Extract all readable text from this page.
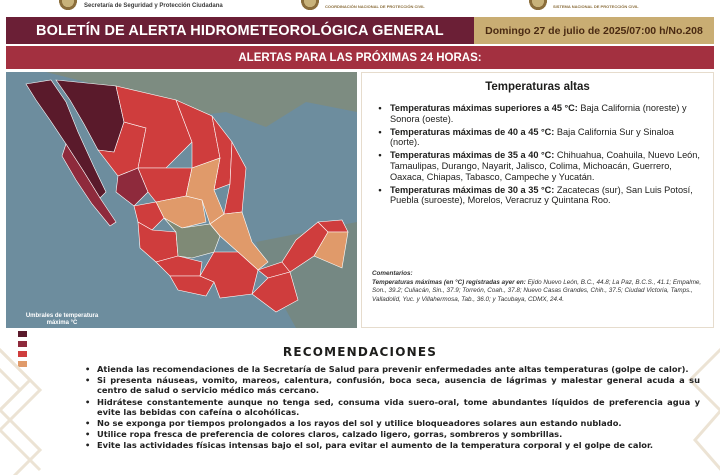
Secretaría de Seguridad y Protección Ciudadana	COORDINACIÓN NACIONAL DE PROTECCIÓN CIVIL	SISTEMA NACIONAL DE PROTECCIÓN CIVIL
BOLETÍN DE ALERTA HIDROMETEOROLÓGICA GENERAL	Domingo 27 de julio de 2025/07:00 h/No.208
ALERTAS PARA LAS PRÓXIMAS 24 HORAS:
Umbrales de temperatura máxima °C
> 45
40 a 45
35 a 40
30 a 35
Temperaturas altas
• Temperaturas máximas superiores a 45 °C: Baja California (noreste) y Sonora (oeste).
• Temperaturas máximas de 40 a 45 °C: Baja California Sur y Sinaloa (norte).
• Temperaturas máximas de 35 a 40 °C: Chihuahua, Coahuila, Nuevo León, Tamaulipas, Durango, Nayarit, Jalisco, Colima, Michoacán, Guerrero, Oaxaca, Chiapas, Tabasco, Campeche y Yucatán.
• Temperaturas máximas de 30 a 35 °C: Zacatecas (sur), San Luis Potosí, Puebla (suroeste), Morelos, Veracruz y Quintana Roo.
Comentarios:
Temperaturas máximas (en °C) registradas ayer en: Ejido Nuevo León, B.C., 44.8; La Paz, B.C.S., 41.1; Empalme, Son., 39.2; Culiacán, Sin., 37.9; Torreón, Coah., 37.8; Nuevo Casas Grandes, Chih., 37.5; Ciudad Victoria, Tamps., Valladolid, Yuc. y Villahermosa, Tab., 36.0; y Tacubaya, CDMX, 24.4.
RECOMENDACIONES
• Atienda las recomendaciones de la Secretaría de Salud para prevenir enfermedades ante altas temperaturas (golpe de calor).
• Si presenta náuseas, vomito, mareos, calentura, confusión, boca seca, ausencia de lágrimas y malestar general acuda a su centro de salud o servicio médico más cercano.
• Hidrátese constantemente aunque no tenga sed, consuma vida suero-oral, tome abundantes líquidos de preferencia agua y evite las bebidas con cafeína o alcohólicas.
• No se exponga por tiempos prolongados a los rayos del sol y utilice bloqueadores solares aun estando nublado.
• Utilice ropa fresca de preferencia de colores claros, calzado ligero, gorras, sombreros y sombrillas.
• Evite las actividades físicas intensas bajo el sol, para evitar el aumento de la temperatura corporal y el golpe de calor.
